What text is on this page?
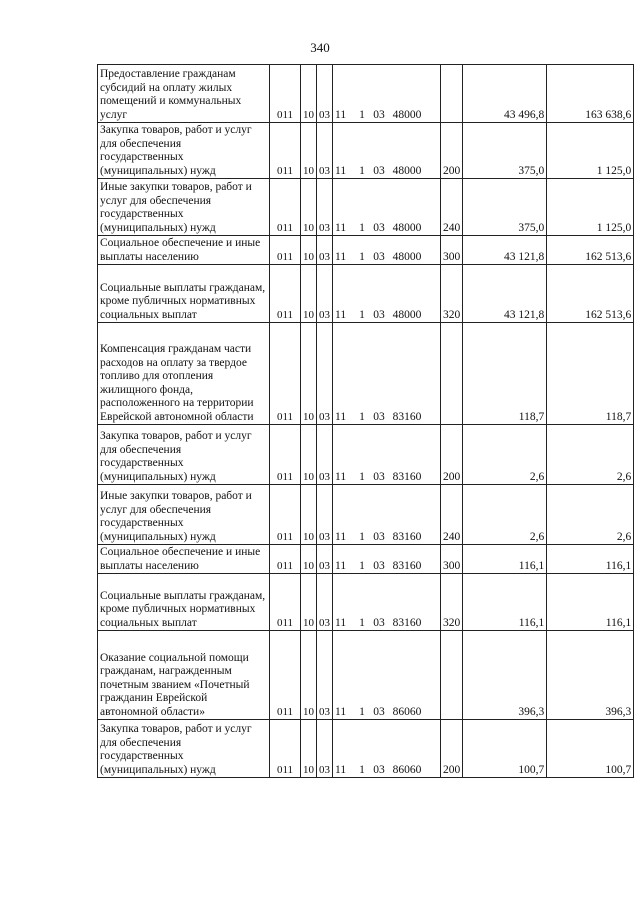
340
Предоставление гражданам субсидий на оплату жилых помещений и коммунальных услуг	011	10	03	11 1 03 48000		43 496,8	163 638,6
Закупка товаров, работ и услуг для обеспечения государственных (муниципальных) нужд	011	10	03	11 1 03 48000	200	375,0	1 125,0
Иные закупки товаров, работ и услуг для обеспечения государственных (муниципальных) нужд	011	10	03	11 1 03 48000	240	375,0	1 125,0
Социальное обеспечение и иные выплаты населению	011	10	03	11 1 03 48000	300	43 121,8	162 513,6
Социальные выплаты гражданам, кроме публичных нормативных социальных выплат	011	10	03	11 1 03 48000	320	43 121,8	162 513,6
Компенсация гражданам части расходов на оплату за твердое топливо для отопления жилищного фонда, расположенного на территории Еврейской автономной области	011	10	03	11 1 03 83160		118,7	118,7
Закупка товаров, работ и услуг для обеспечения государственных (муниципальных) нужд	011	10	03	11 1 03 83160	200	2,6	2,6
Иные закупки товаров, работ и услуг для обеспечения государственных (муниципальных) нужд	011	10	03	11 1 03 83160	240	2,6	2,6
Социальное обеспечение и иные выплаты населению	011	10	03	11 1 03 83160	300	116,1	116,1
Социальные выплаты гражданам, кроме публичных нормативных социальных выплат	011	10	03	11 1 03 83160	320	116,1	116,1
Оказание социальной помощи гражданам, награжденным почетным званием «Почетный гражданин Еврейской автономной области»	011	10	03	11 1 03 86060		396,3	396,3
Закупка товаров, работ и услуг для обеспечения государственных (муниципальных) нужд	011	10	03	11 1 03 86060	200	100,7	100,7
